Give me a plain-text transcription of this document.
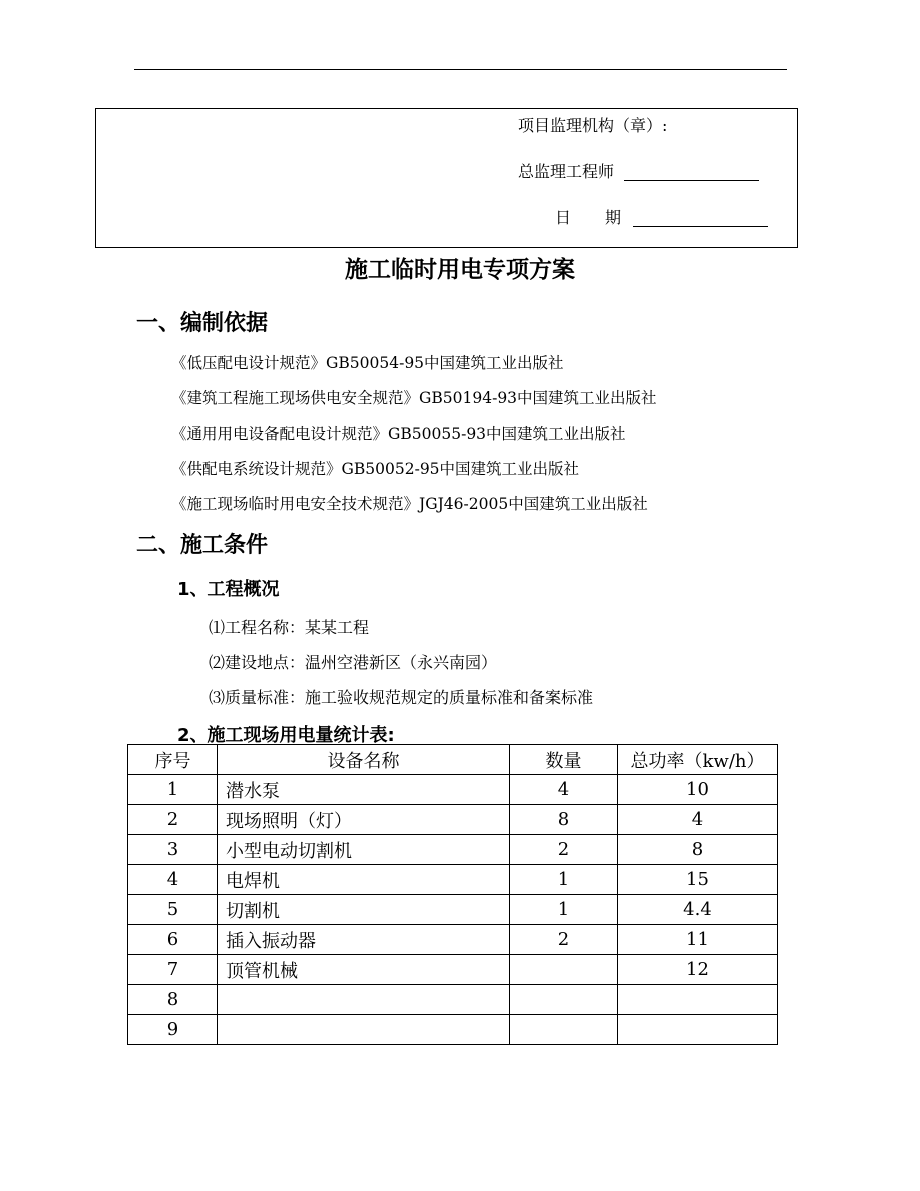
项目监理机构（章）:
总监理工程师
日 期
施工临时用电专项方案
一、编制依据
《低压配电设计规范》GB50054-95中国建筑工业出版社
《建筑工程施工现场供电安全规范》GB50194-93中国建筑工业出版社
《通用用电设备配电设计规范》GB50055-93中国建筑工业出版社
《供配电系统设计规范》GB50052-95中国建筑工业出版社
《施工现场临时用电安全技术规范》JGJ46-2005中国建筑工业出版社
二、施工条件
1、工程概况
⑴工程名称：某某工程
⑵建设地点：温州空港新区（永兴南园）
⑶质量标准：施工验收规范规定的质量标准和备案标准
2、施工现场用电量统计表:
序号	设备名称	数量	总功率（kw/h）
1	潜水泵	4	10
2	现场照明（灯）	8	4
3	小型电动切割机	2	8
4	电焊机	1	15
5	切割机	1	4.4
6	插入振动器	2	11
7	顶管机械		12
8			
9			
